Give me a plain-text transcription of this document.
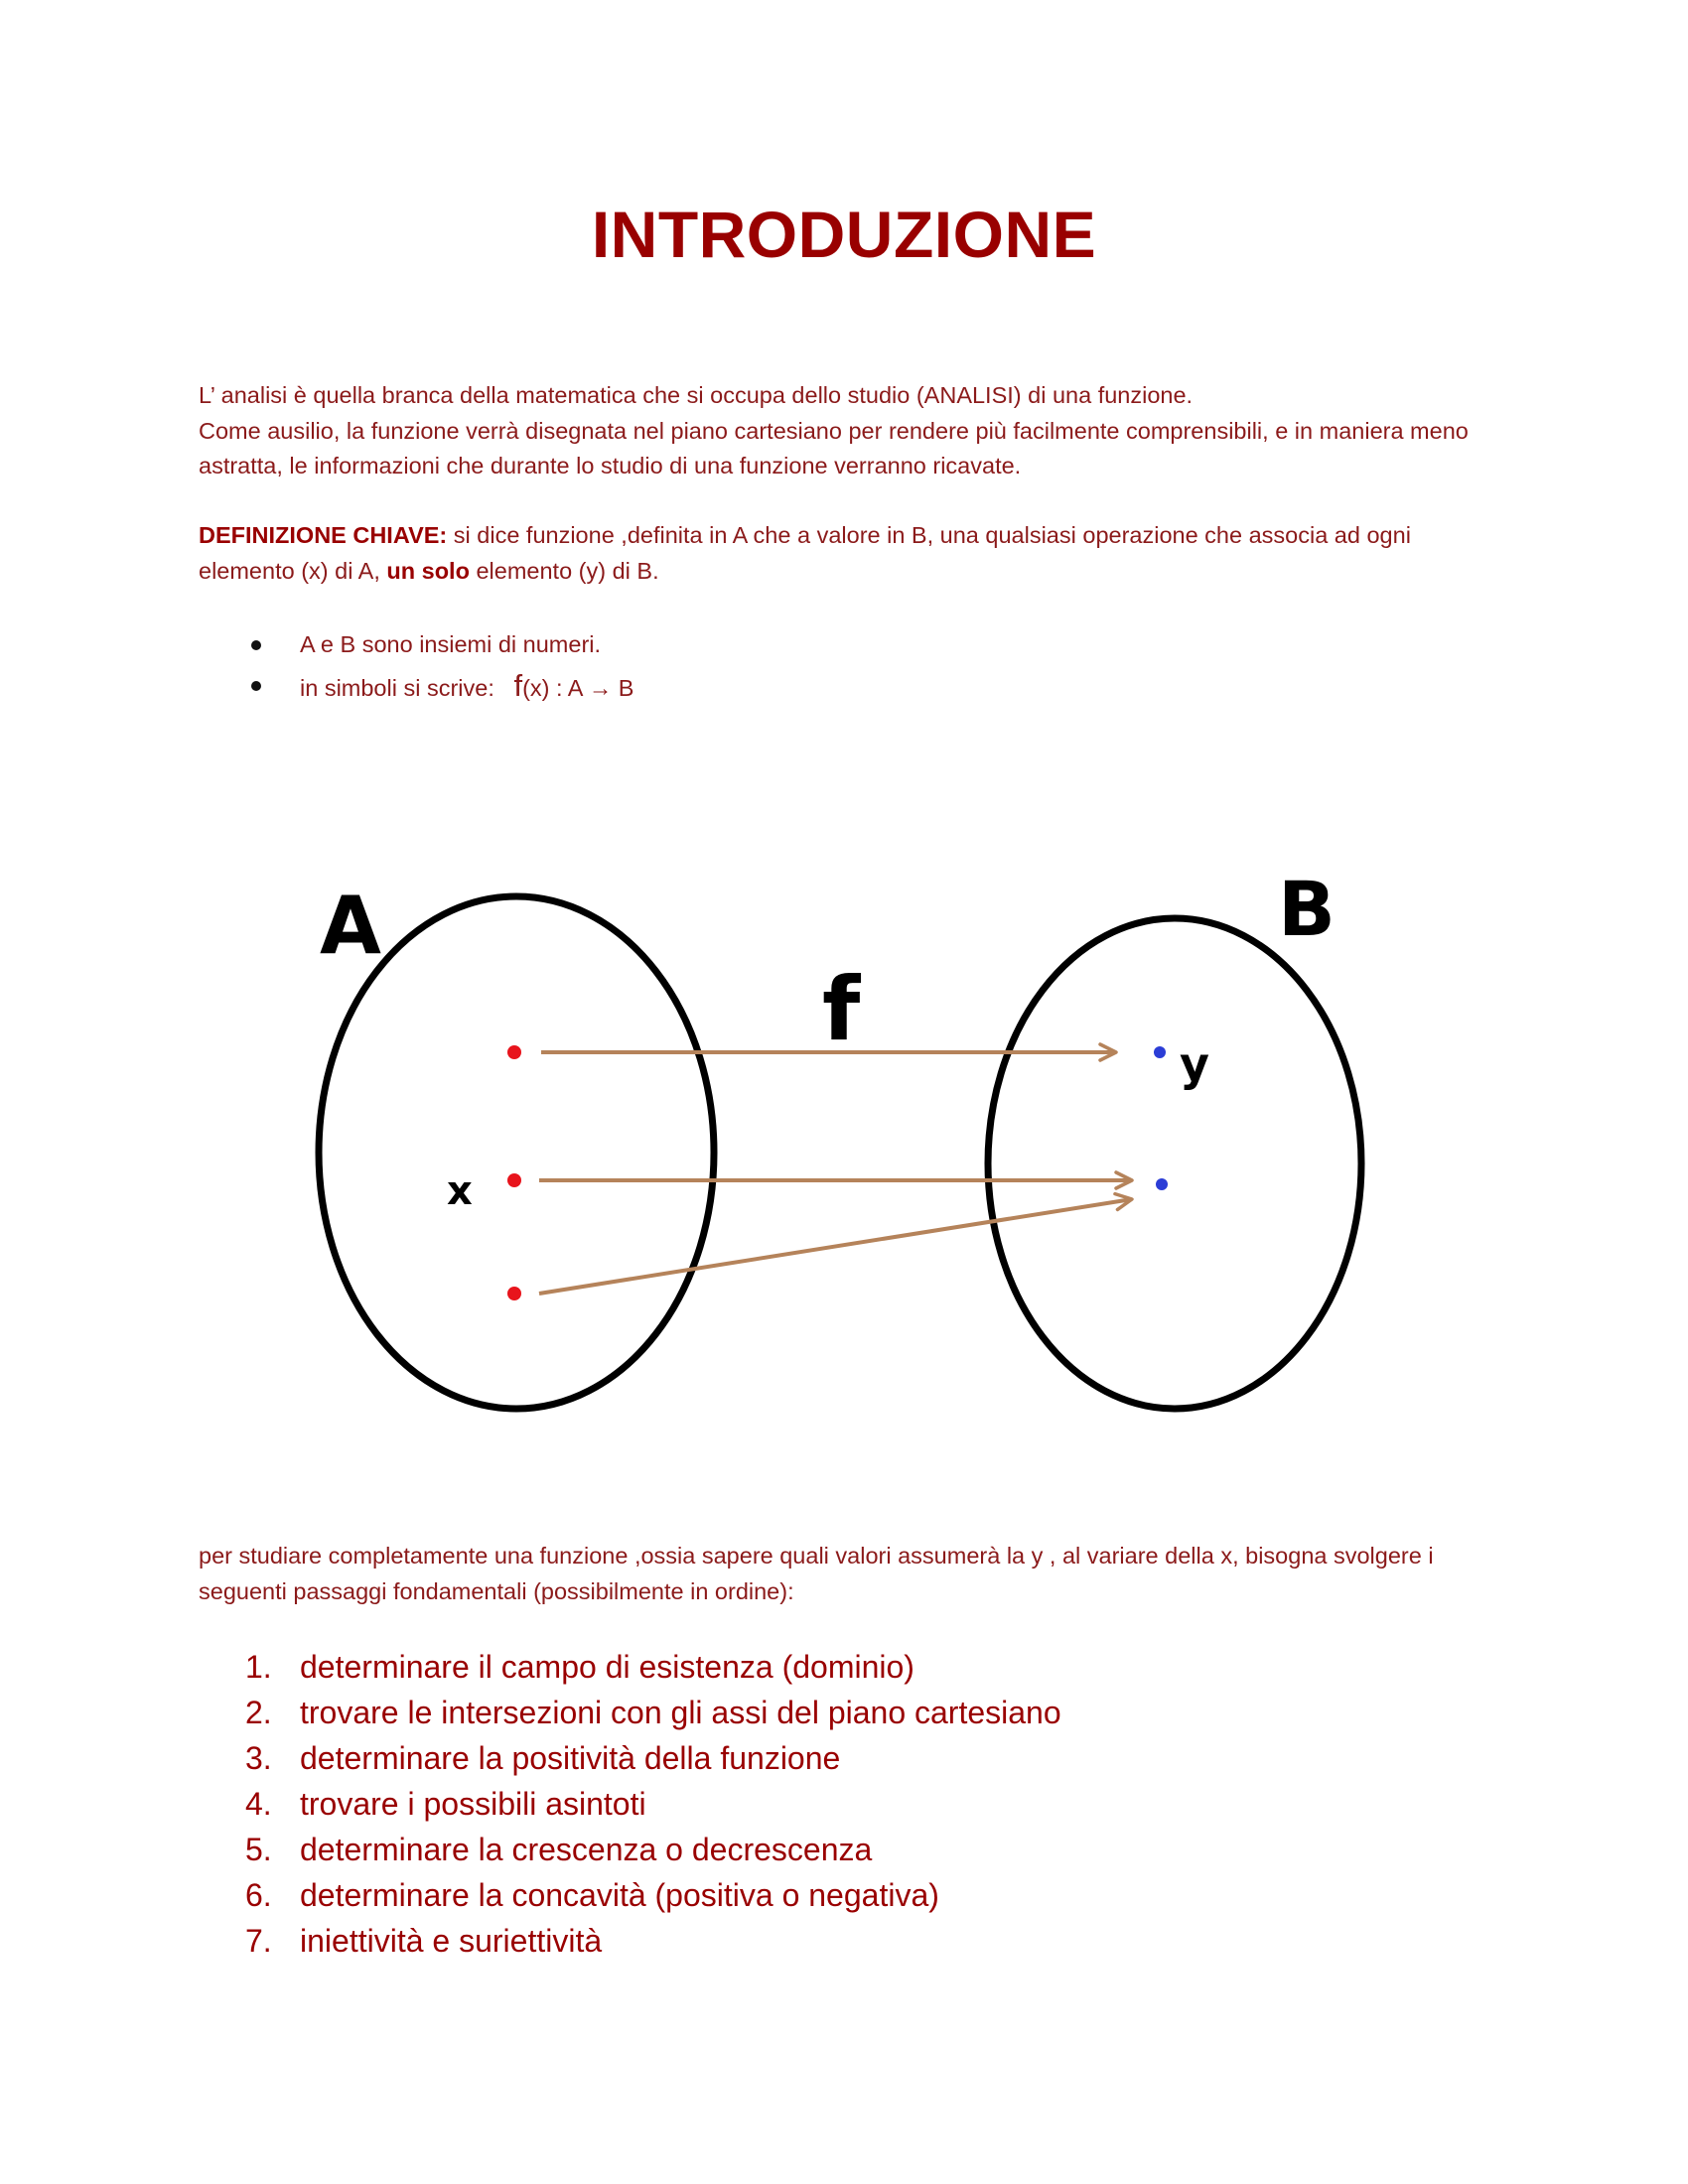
INTRODUZIONE

L’ analisi è quella branca della matematica che si occupa dello studio (ANALISI) di una funzione.
Come ausilio, la funzione verrà disegnata nel piano cartesiano per rendere più facilmente comprensibili, e in maniera meno astratta, le informazioni che durante lo studio di una funzione verranno ricavate.

DEFINIZIONE CHIAVE: si dice funzione ,definita in A che a valore in B, una qualsiasi operazione che associa ad ogni elemento (x) di A, un solo elemento (y) di B.

A e B sono insiemi di numeri.
in simboli si scrive:   f(x) : A → B
A	B
f
x
y

per studiare completamente una funzione ,ossia sapere quali valori assumerà la y , al variare della x, bisogna svolgere i seguenti passaggi fondamentali (possibilmente in ordine):

1. determinare il campo di esistenza (dominio)
2. trovare le intersezioni con gli assi del piano cartesiano
3. determinare la positività della funzione
4. trovare i possibili asintoti
5. determinare la crescenza o decrescenza
6. determinare la concavità (positiva o negativa)
7. iniettività e suriettività
